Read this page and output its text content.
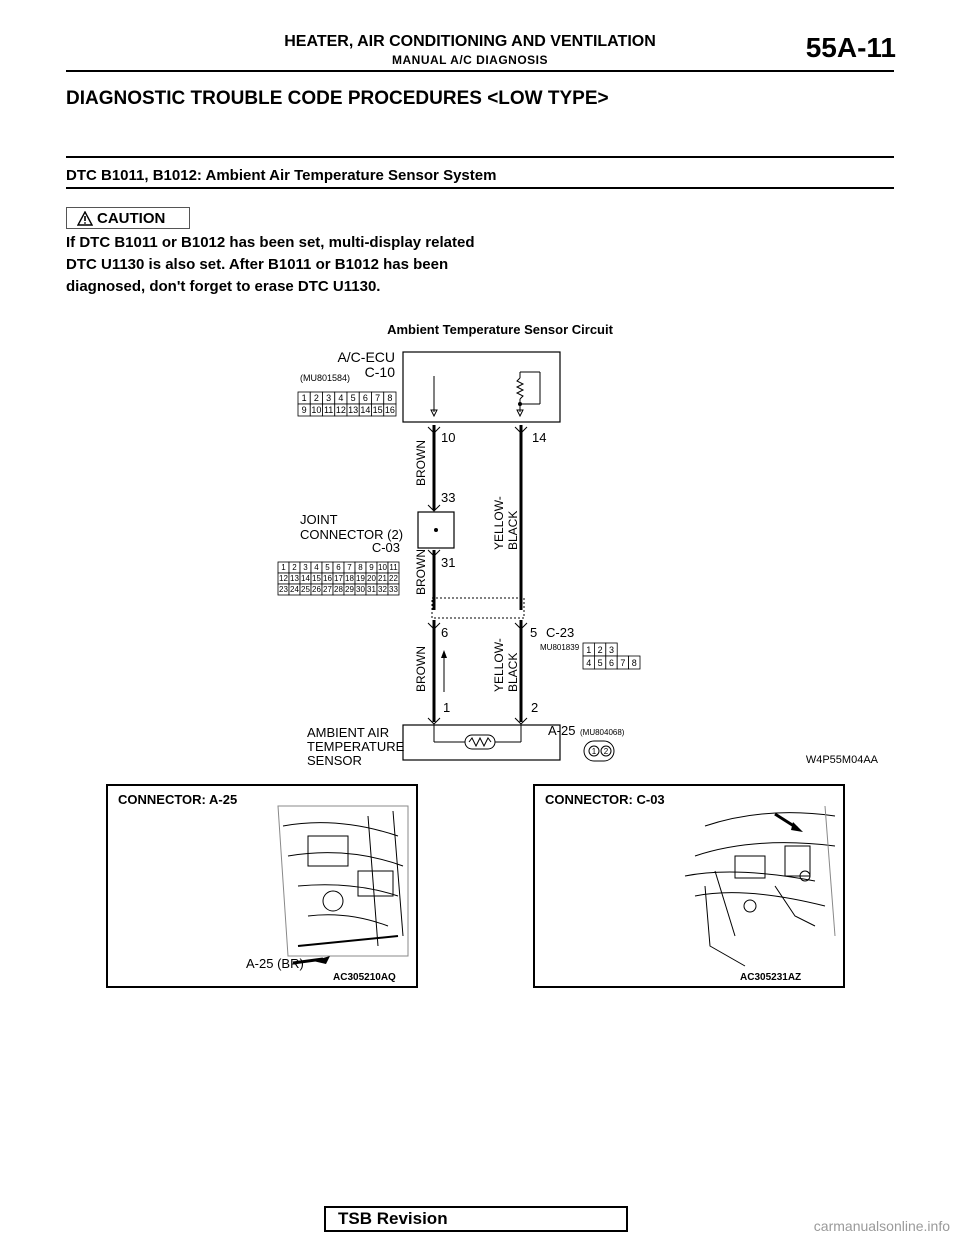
HEATER, AIR CONDITIONING AND VENTILATION
MANUAL A/C DIAGNOSIS	55A-11
DIAGNOSTIC TROUBLE CODE PROCEDURES <LOW TYPE>
DTC B1011, B1012: Ambient Air Temperature Sensor System
CAUTION
If DTC B1011 or B1012 has been set, multi-display related DTC U1130 is also set. After B1011 or B1012 has been diagnosed, don't forget to erase DTC U1130.
Ambient Temperature Sensor Circuit
A/C-ECU
C-10
(MU801584)
1 2 3 4 5 6 7 8
9 10 11 12 13 14 15 16
10	14
33
31
6	5 C-23
MU801839 1 2 3
4 5 6 7 8
1	2
BROWN
BROWN
BROWN
YELLOW- BLACK
YELLOW- BLACK
JOINT
CONNECTOR (2)
C-03
1 2 3 4 5 6 7 8 9 10 11
12 13 14 15 16 17 18 19 20 21 22
23 24 25 26 27 28 29 30 31 32 33
AMBIENT AIR
TEMPERATURE
SENSOR
A-25 (MU804068)
1 2
W4P55M04AA
CONNECTOR: A-25
A-25 (BR)
AC305210AQ
CONNECTOR: C-03
AC305231AZ
TSB Revision	carmanualsonline.info
